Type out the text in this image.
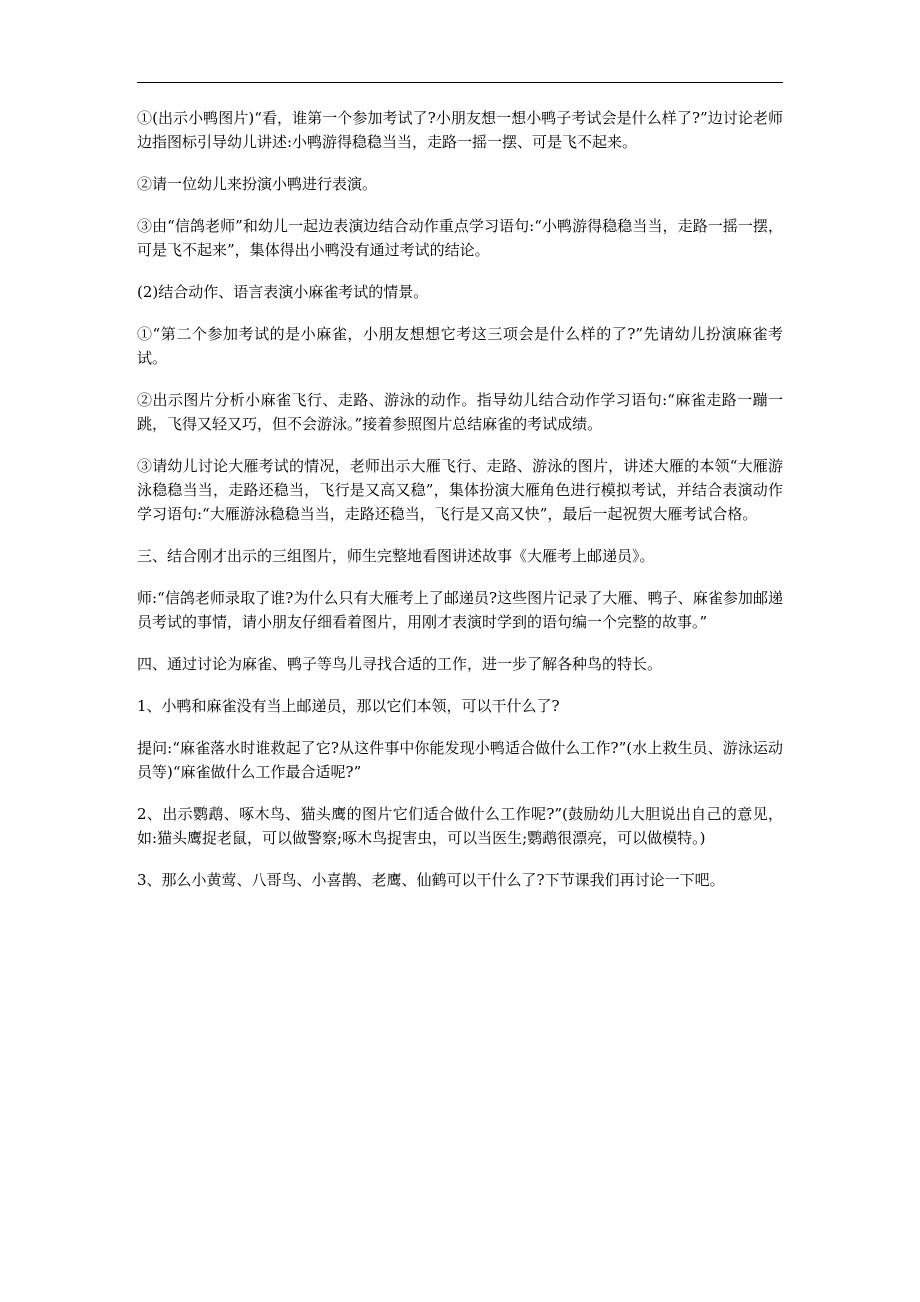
①(出示小鸭图片)“看，谁第一个参加考试了?小朋友想一想小鸭子考试会是什么样了?”边讨论老师边指图标引导幼儿讲述:小鸭游得稳稳当当，走路一摇一摆、可是飞不起来。

②请一位幼儿来扮演小鸭进行表演。

③由“信鸽老师”和幼儿一起边表演边结合动作重点学习语句:“小鸭游得稳稳当当，走路一摇一摆，可是飞不起来”，集体得出小鸭没有通过考试的结论。

(2)结合动作、语言表演小麻雀考试的情景。

①“第二个参加考试的是小麻雀，小朋友想想它考这三项会是什么样的了?”先请幼儿扮演麻雀考试。

②出示图片分析小麻雀飞行、走路、游泳的动作。指导幼儿结合动作学习语句:“麻雀走路一蹦一跳，飞得又轻又巧，但不会游泳。”接着参照图片总结麻雀的考试成绩。

③请幼儿讨论大雁考试的情况，老师出示大雁飞行、走路、游泳的图片，讲述大雁的本领“大雁游泳稳稳当当，走路还稳当，飞行是又高又稳”，集体扮演大雁角色进行模拟考试，并结合表演动作学习语句:“大雁游泳稳稳当当，走路还稳当，飞行是又高又快”，最后一起祝贺大雁考试合格。

三、结合刚才出示的三组图片，师生完整地看图讲述故事《大雁考上邮递员》。

师:“信鸽老师录取了谁?为什么只有大雁考上了邮递员?这些图片记录了大雁、鸭子、麻雀参加邮递员考试的事情，请小朋友仔细看着图片，用刚才表演时学到的语句编一个完整的故事。”

四、通过讨论为麻雀、鸭子等鸟儿寻找合适的工作，进一步了解各种鸟的特长。

1、小鸭和麻雀没有当上邮递员，那以它们本领，可以干什么了?

提问:“麻雀落水时谁救起了它?从这件事中你能发现小鸭适合做什么工作?”(水上救生员、游泳运动员等)“麻雀做什么工作最合适呢?”

2、出示鹦鹉、啄木鸟、猫头鹰的图片它们适合做什么工作呢?”(鼓励幼儿大胆说出自己的意见，如:猫头鹰捉老鼠，可以做警察;啄木鸟捉害虫，可以当医生;鹦鹉很漂亮，可以做模特。)

3、那么小黄莺、八哥鸟、小喜鹊、老鹰、仙鹤可以干什么了?下节课我们再讨论一下吧。
